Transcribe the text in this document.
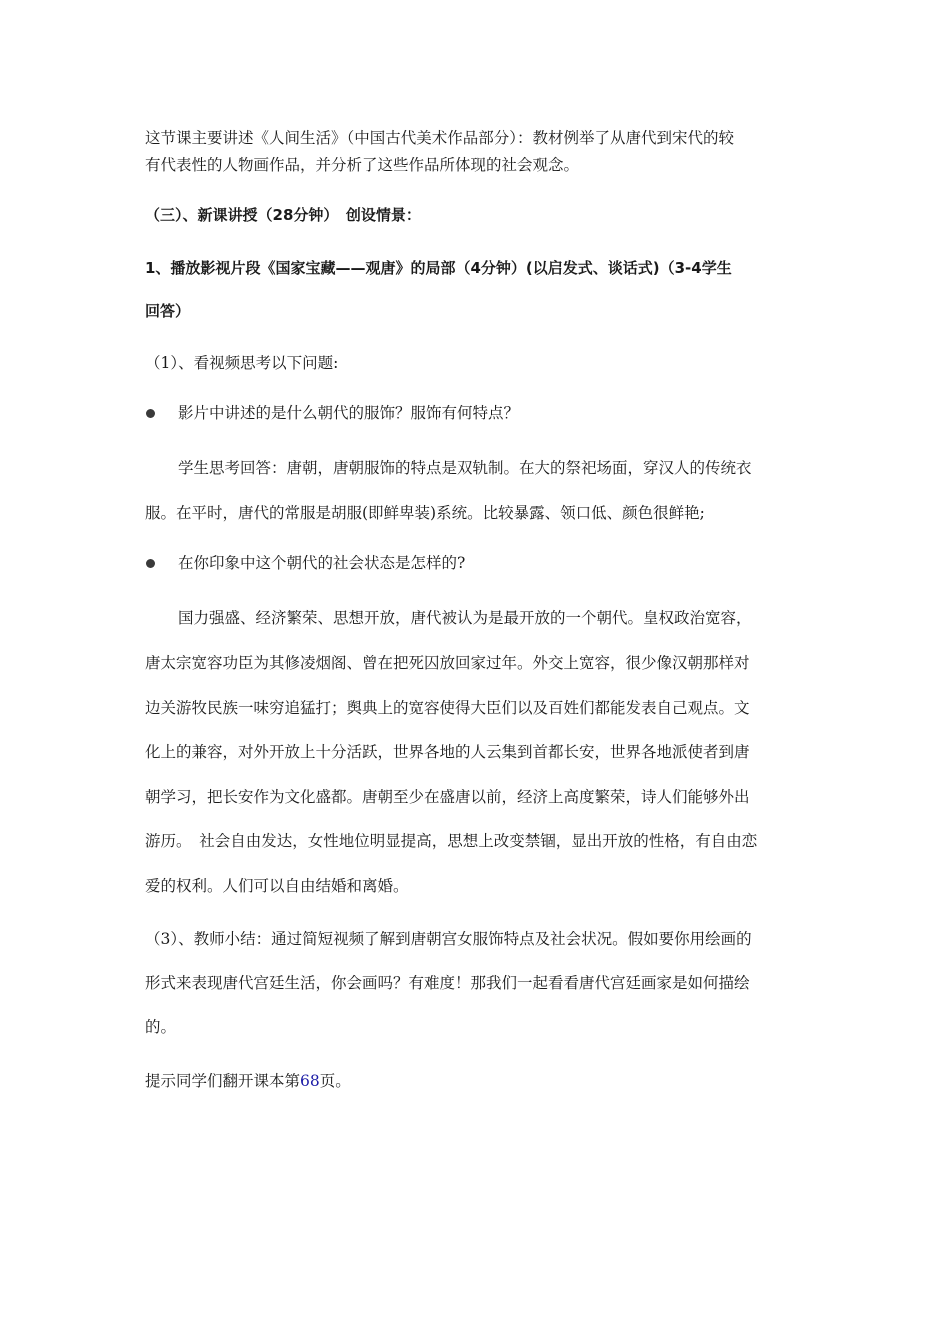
这节课主要讲述《人间生活》（中国古代美术作品部分）：教材例举了从唐代到宋代的较
有代表性的人物画作品，并分析了这些作品所体现的社会观念。
（三）、新课讲授（28分钟）　创设情景：
1、播放影视片段《国家宝藏——观唐》的局部（4分钟）(以启发式、谈话式)（3-4学生
回答）
（1）、看视频思考以下问题:
影片中讲述的是什么朝代的服饰？服饰有何特点？
学生思考回答：唐朝，唐朝服饰的特点是双轨制。在大的祭祀场面，穿汉人的传统衣
服。在平时，唐代的常服是胡服(即鲜卑装)系统。比较暴露、领口低、颜色很鲜艳;
在你印象中这个朝代的社会状态是怎样的?
国力强盛、经济繁荣、思想开放，唐代被认为是最开放的一个朝代。皇权政治宽容，
唐太宗宽容功臣为其修凌烟阁、曾在把死囚放回家过年。外交上宽容，很少像汉朝那样对
边关游牧民族一味穷追猛打；舆典上的宽容使得大臣们以及百姓们都能发表自己观点。文
化上的兼容，对外开放上十分活跃，世界各地的人云集到首都长安，世界各地派使者到唐
朝学习，把长安作为文化盛都。唐朝至少在盛唐以前，经济上高度繁荣，诗人们能够外出
游历。　社会自由发达，女性地位明显提高，思想上改变禁锢，显出开放的性格，有自由恋
爱的权利。人们可以自由结婚和离婚。
（3）、教师小结：通过简短视频了解到唐朝宫女服饰特点及社会状况。假如要你用绘画的
形式来表现唐代宫廷生活，你会画吗？有难度！那我们一起看看唐代宫廷画家是如何描绘
的。
提示同学们翻开课本第68页。
